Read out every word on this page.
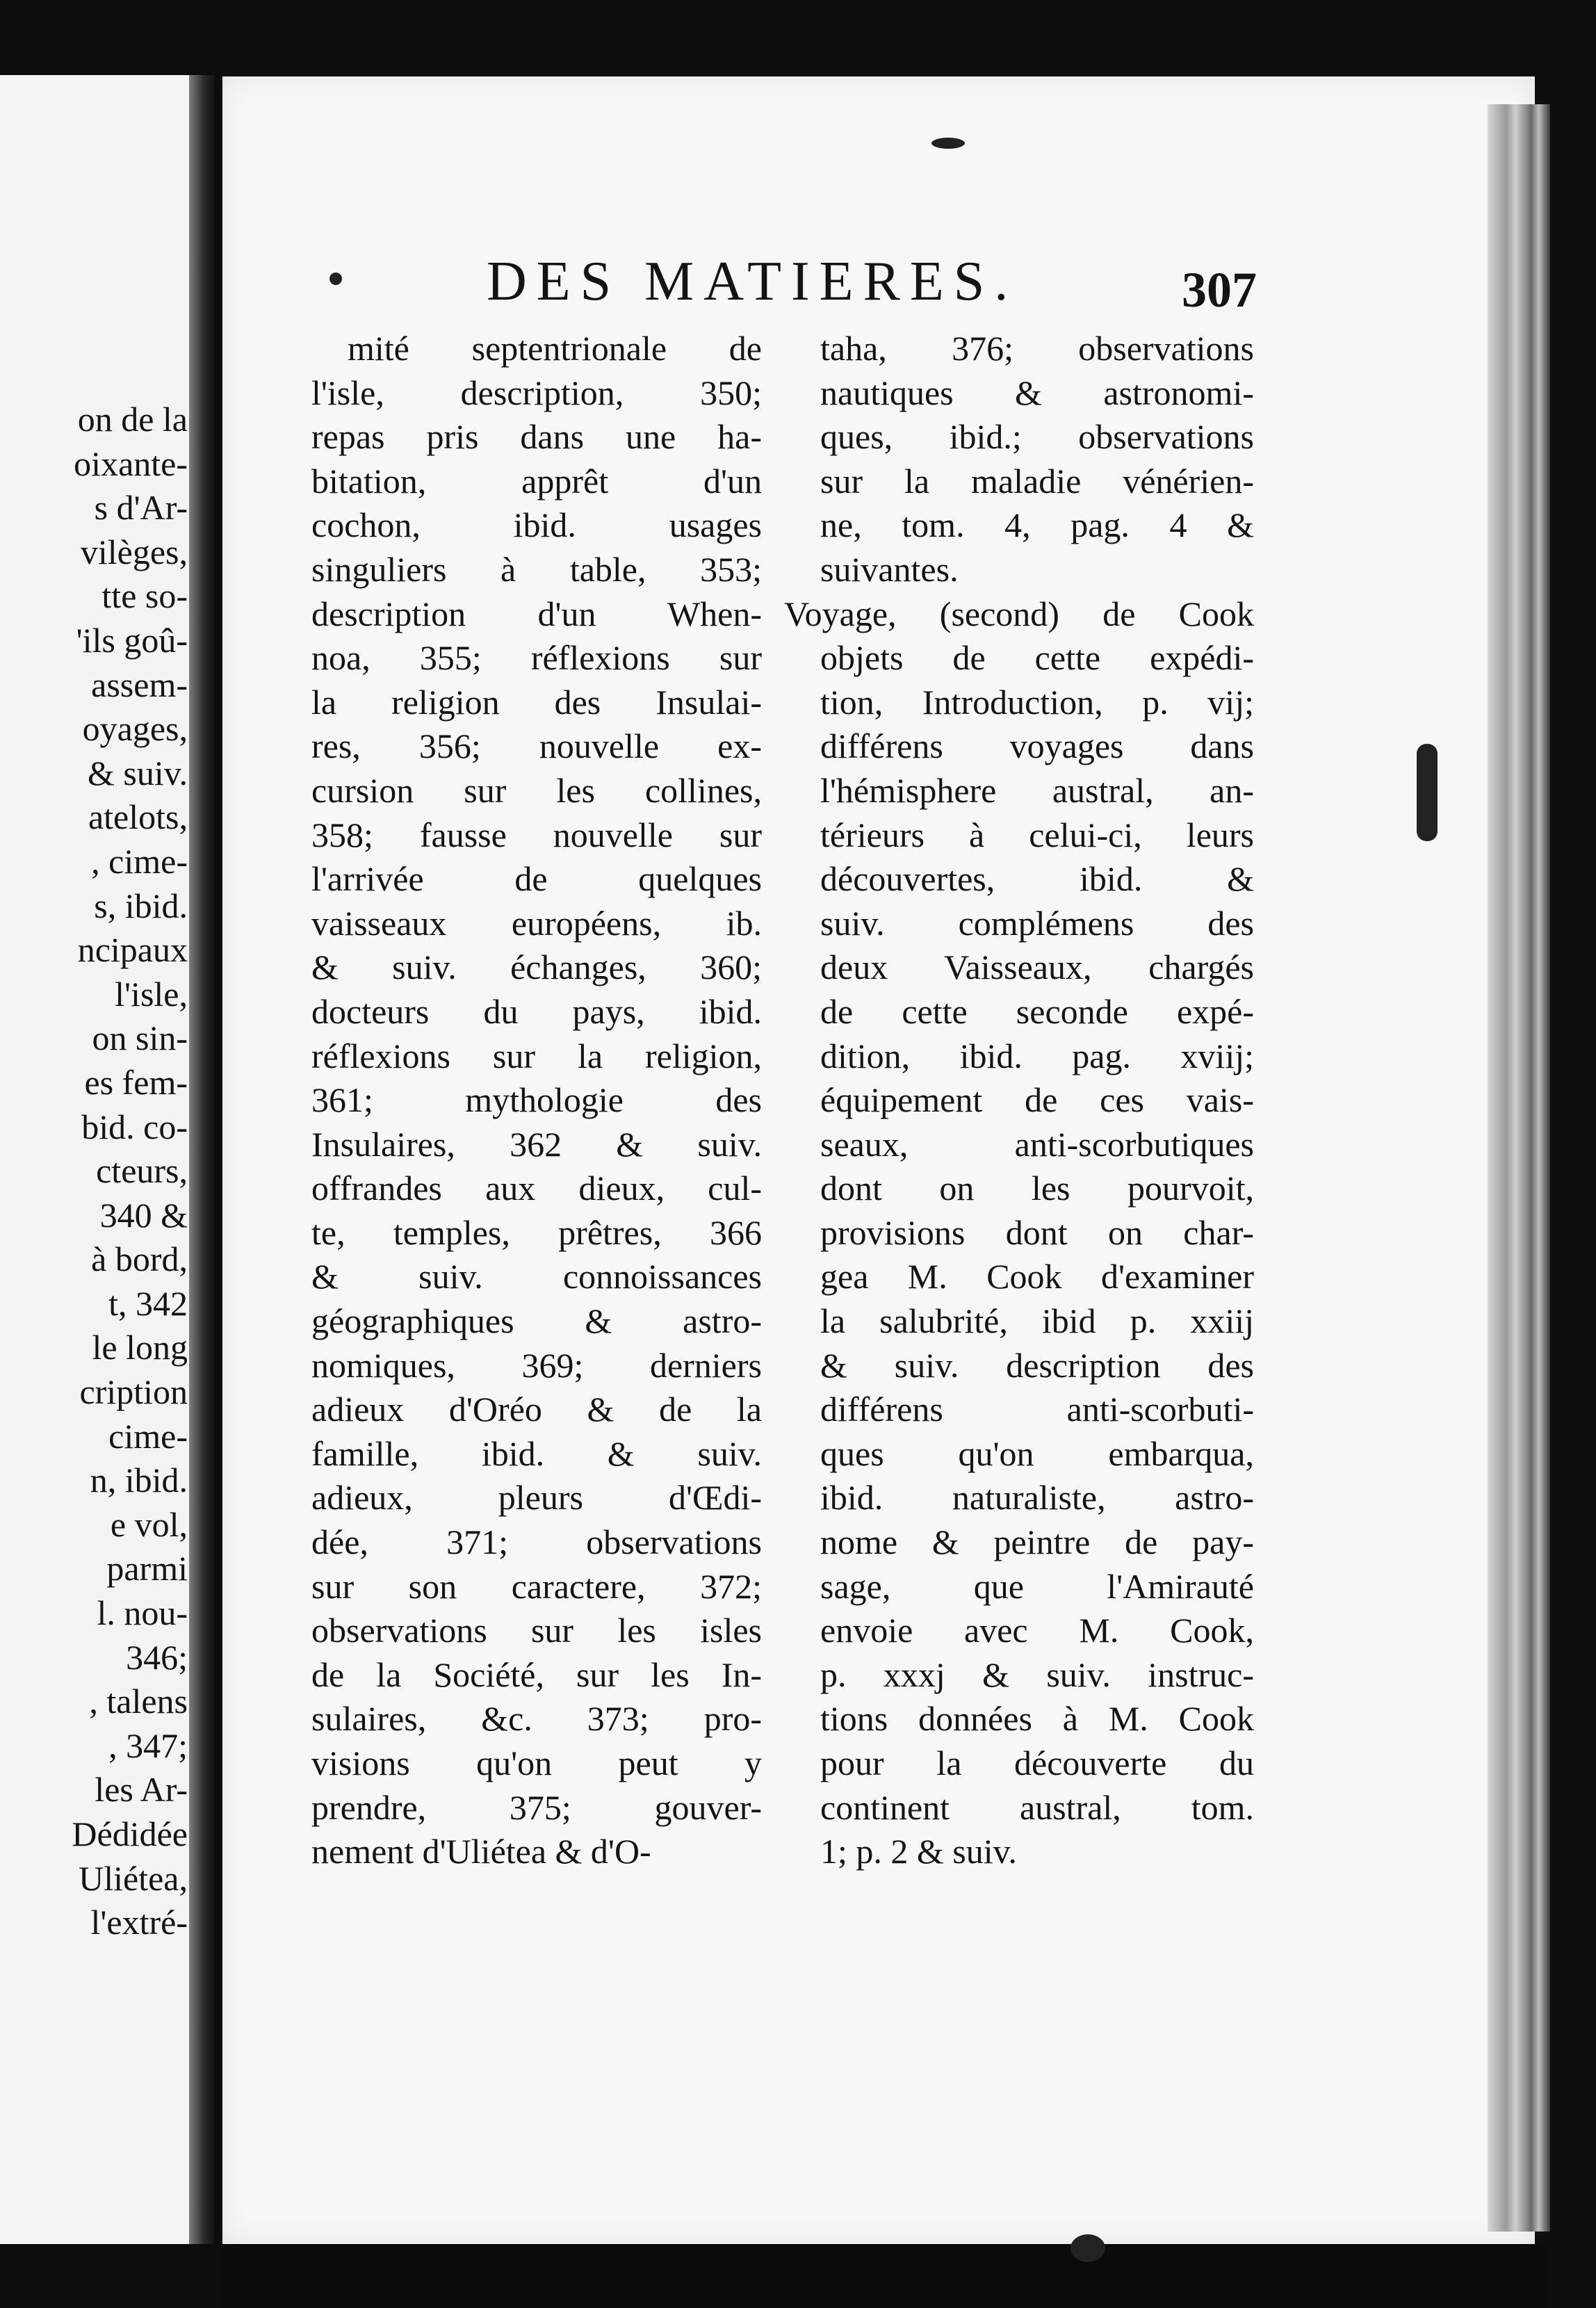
on de la
oixante-
s d'Ar-
vilèges,
tte so-
'ils goû-
assem-
oyages,
& suiv.
atelots,
, cime-
s, ibid.
ncipaux
l'isle,
on sin-
es fem-
bid. co-
cteurs,
340 &
à bord,
t, 342
le long
cription
cime-
n, ibid.
e vol,
parmi
l. nou-
346;
, talens
, 347;
les Ar-
Dédidée
Uliétea,
l'extré-
DES MATIERES.	307
mité septentrionale de
l'isle, description, 350;
repas pris dans une ha-
bitation, apprêt d'un
cochon, ibid. usages
singuliers à table, 353;
description d'un When-
noa, 355; réflexions sur
la religion des Insulai-
res, 356; nouvelle ex-
cursion sur les collines,
358; fausse nouvelle sur
l'arrivée de quelques
vaisseaux européens, ib.
& suiv. échanges, 360;
docteurs du pays, ibid.
réflexions sur la religion,
361; mythologie des
Insulaires, 362 & suiv.
offrandes aux dieux, cul-
te, temples, prêtres, 366
& suiv. connoissances
géographiques & astro-
nomiques, 369; derniers
adieux d'Oréo & de la
famille, ibid. & suiv.
adieux, pleurs d'Œdi-
dée, 371; observations
sur son caractere, 372;
observations sur les isles
de la Société, sur les In-
sulaires, &c. 373; pro-
visions qu'on peut y
prendre, 375; gouver-
nement d'Uliétea & d'O-
taha, 376; observations
nautiques & astronomi-
ques, ibid.; observations
sur la maladie vénérien-
ne, tom. 4, pag. 4 &
suivantes.
Voyage, (second) de Cook
objets de cette expédi-
tion, Introduction, p. vij;
différens voyages dans
l'hémisphere austral, an-
térieurs à celui-ci, leurs
découvertes, ibid. &
suiv. complémens des
deux Vaisseaux, chargés
de cette seconde expé-
dition, ibid. pag. xviij;
équipement de ces vais-
seaux, anti-scorbutiques
dont on les pourvoit,
provisions dont on char-
gea M. Cook d'examiner
la salubrité, ibid p. xxiij
& suiv. description des
différens anti-scorbuti-
ques qu'on embarqua,
ibid. naturaliste, astro-
nome & peintre de pay-
sage, que l'Amirauté
envoie avec M. Cook,
p. xxxj & suiv. instruc-
tions données à M. Cook
pour la découverte du
continent austral, tom.
1; p. 2 & suiv.
